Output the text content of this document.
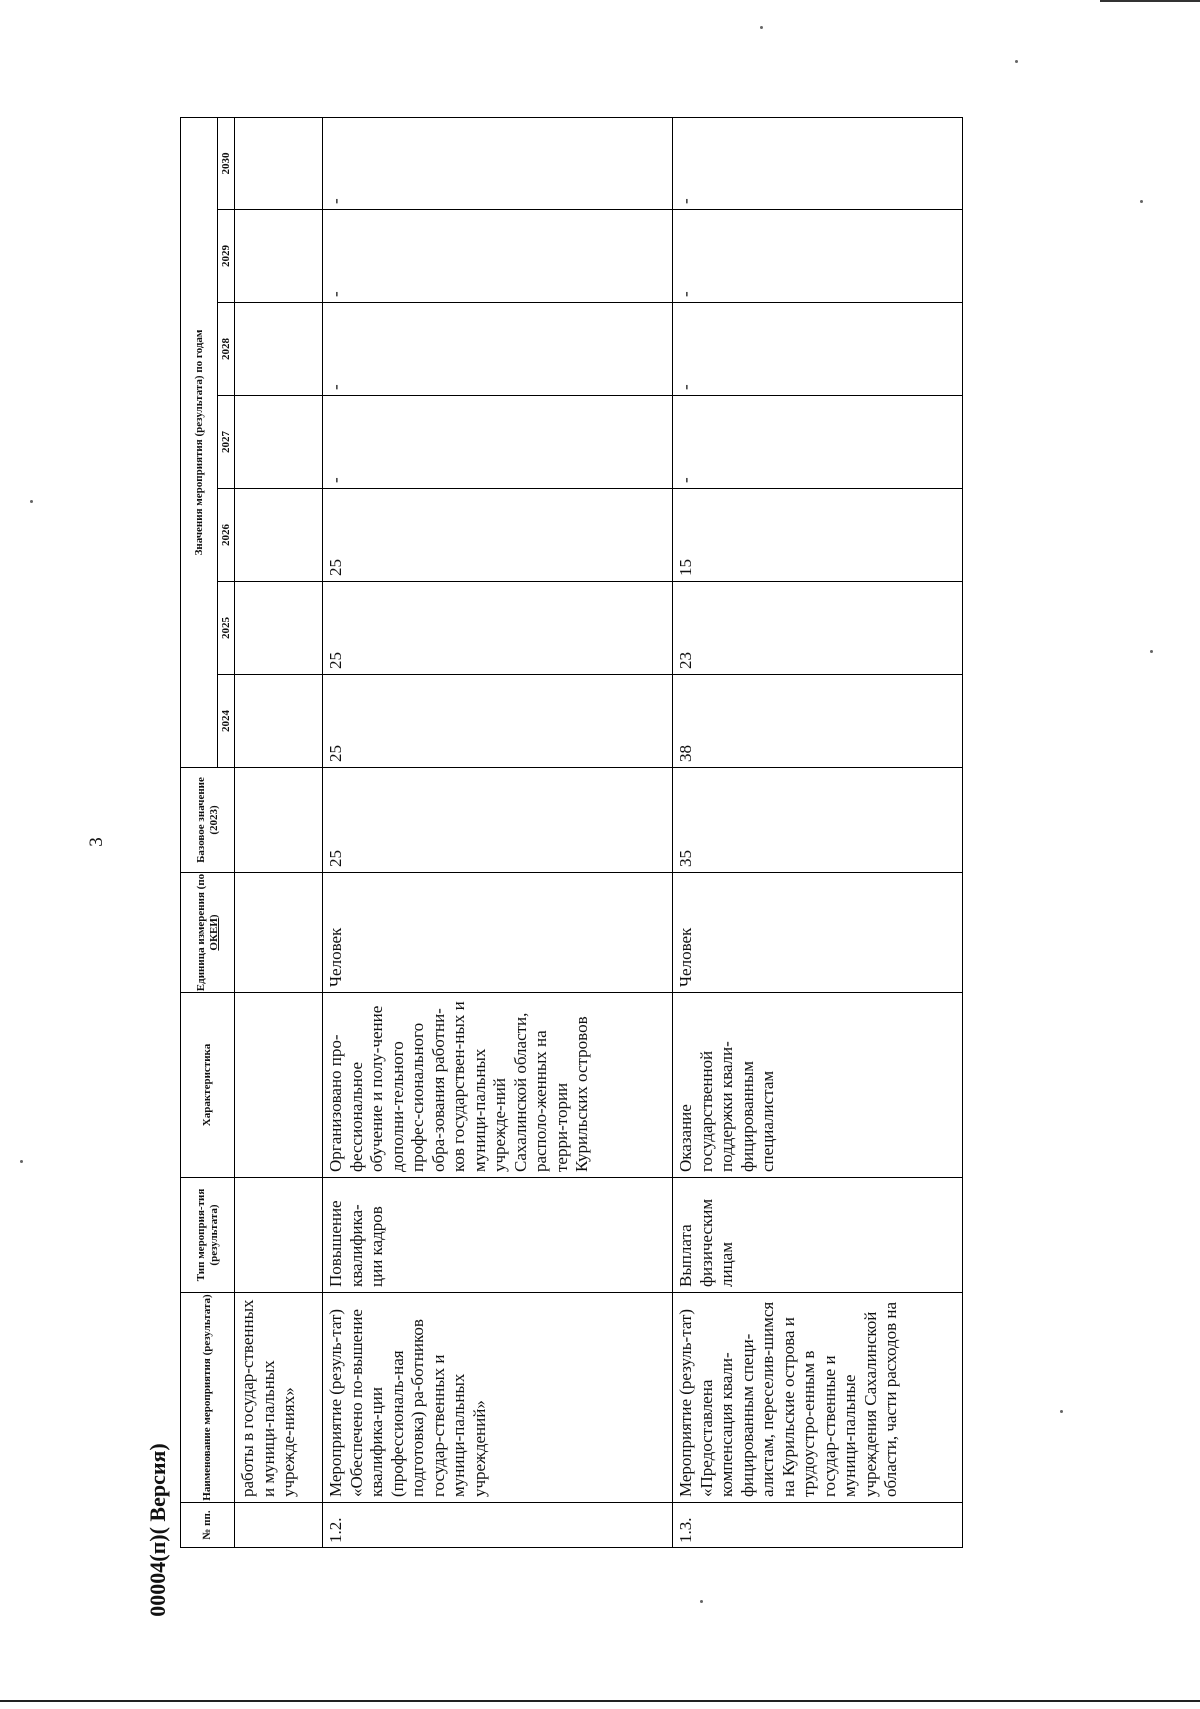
3
№ пп.	Наименование мероприятия (результата)	Тип мероприя-тия (результата)	Характеристика	Единица измерения (по ОКЕИ)	Базовое значение (2023)	Значения мероприятия (результата) по годам						
						2024	2025	2026	2027	2028	2029	2030
	работы в государ-ственных и муници-пальных учрежде-ниях»											
1.2.	Мероприятие (резуль-тат) «Обеспечено по-вышение квалифика-ции (профессиональ-ная подготовка) ра-ботников государ-ственных и муници-пальных учреждений»	Повышение квалифика-ции кадров	Организовано про-фессиональное обучение и полу-чение дополни-тельного профес-сионального обра-зования работни-ков государствен-ных и муници-пальных учрежде-ний Сахалинской области, располо-женных на терри-тории Курильских островов	Человек	25	25	25	25	-	-	-	-
1.3.	Мероприятие (резуль-тат) «Предоставлена компенсация квали-фицированным специ-алистам, переселив-шимся на Курильские острова и трудоустро-енным в государ-ственные и муници-пальные учреждения Сахалинской области, части расходов на	Выплата физическим лицам	Оказание государственной поддержки квали-фицированным специалистам	Человек	35	38	23	15	-	-	-	-
00004(п)( Версия)
